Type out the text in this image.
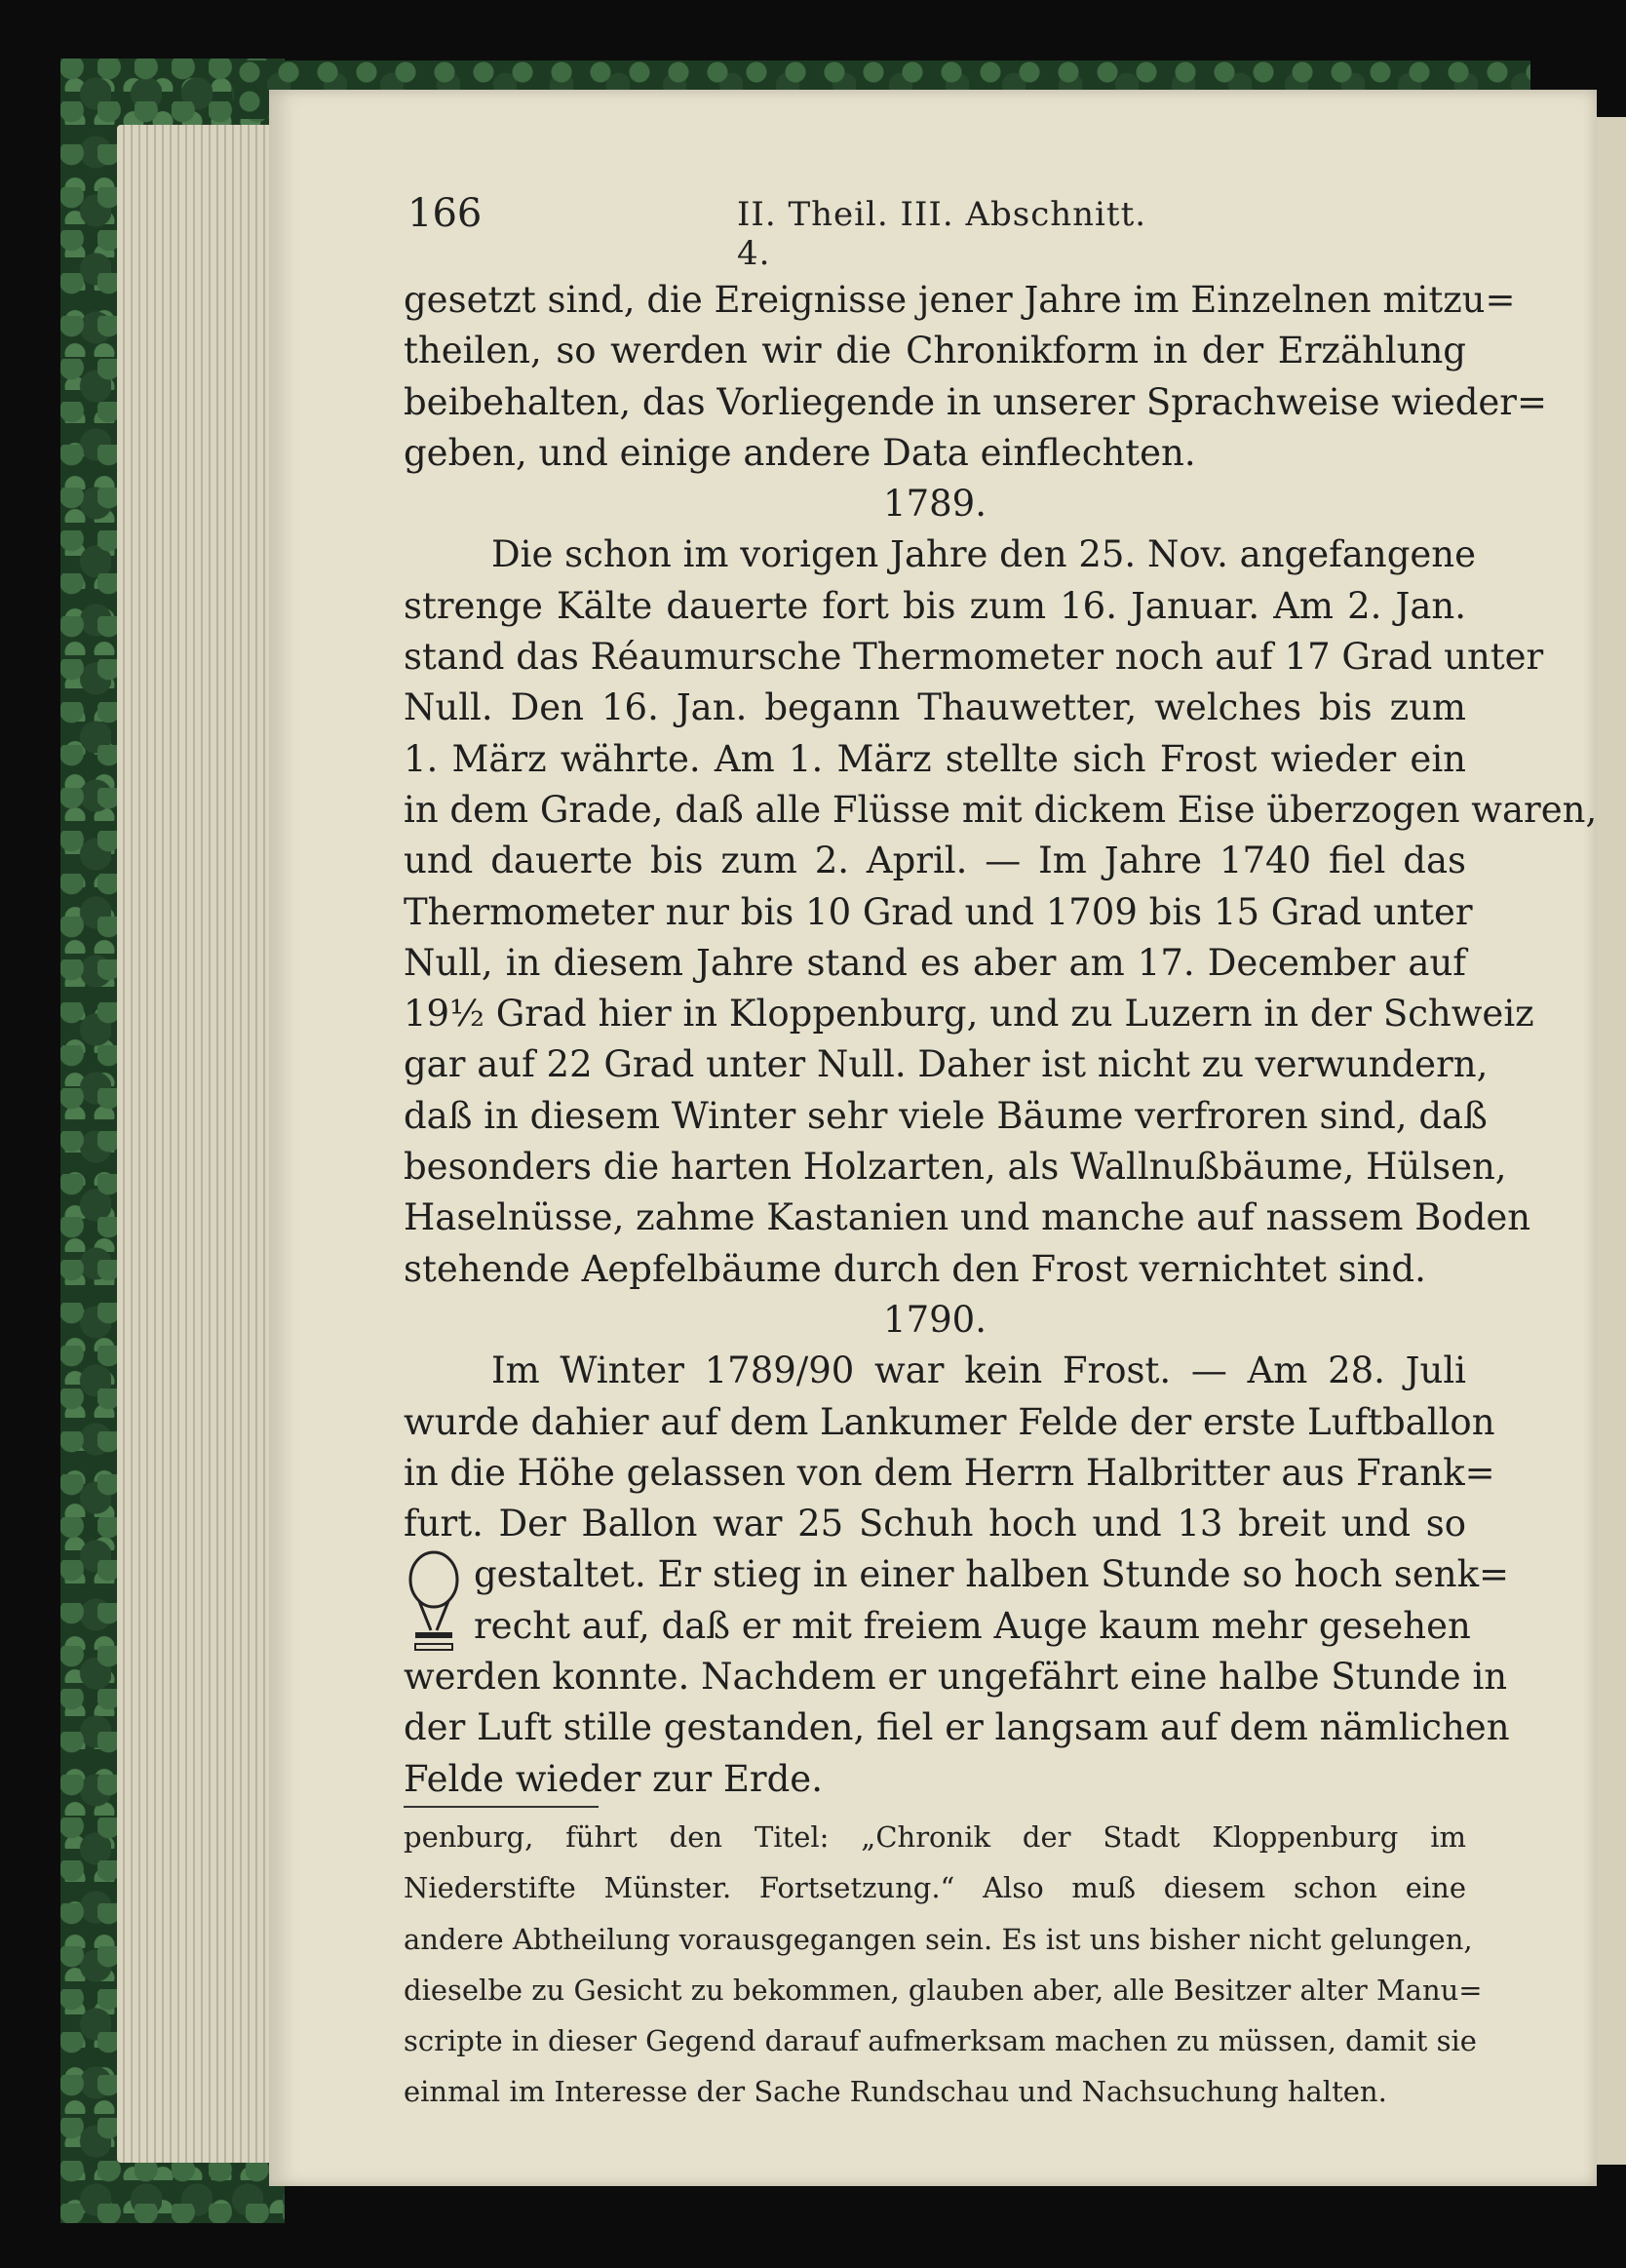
166	II. Theil. III. Abschnitt. 4.
gesetzt sind, die Ereignisse jener Jahre im Einzelnen mitzu=
theilen, so werden wir die Chronikform in der Erzählung
beibehalten, das Vorliegende in unserer Sprachweise wieder=
geben, und einige andere Data einflechten.
1789.
Die schon im vorigen Jahre den 25. Nov. angefangene
strenge Kälte dauerte fort bis zum 16. Januar. Am 2. Jan.
stand das Réaumursche Thermometer noch auf 17 Grad unter
Null. Den 16. Jan. begann Thauwetter, welches bis zum
1. März währte. Am 1. März stellte sich Frost wieder ein
in dem Grade, daß alle Flüsse mit dickem Eise überzogen waren,
und dauerte bis zum 2. April. — Im Jahre 1740 fiel das
Thermometer nur bis 10 Grad und 1709 bis 15 Grad unter
Null, in diesem Jahre stand es aber am 17. December auf
19½ Grad hier in Kloppenburg, und zu Luzern in der Schweiz
gar auf 22 Grad unter Null. Daher ist nicht zu verwundern,
daß in diesem Winter sehr viele Bäume verfroren sind, daß
besonders die harten Holzarten, als Wallnußbäume, Hülsen,
Haselnüsse, zahme Kastanien und manche auf nassem Boden
stehende Aepfelbäume durch den Frost vernichtet sind.
1790.
Im Winter 1789/90 war kein Frost. — Am 28. Juli
wurde dahier auf dem Lankumer Felde der erste Luftballon
in die Höhe gelassen von dem Herrn Halbritter aus Frank=
furt. Der Ballon war 25 Schuh hoch und 13 breit und so
gestaltet. Er stieg in einer halben Stunde so hoch senk=
recht auf, daß er mit freiem Auge kaum mehr gesehen
werden konnte. Nachdem er ungefährt eine halbe Stunde in
der Luft stille gestanden, fiel er langsam auf dem nämlichen
Felde wieder zur Erde.
penburg, führt den Titel: „Chronik der Stadt Kloppenburg im
Niederstifte Münster. Fortsetzung.“ Also muß diesem schon eine
andere Abtheilung vorausgegangen sein. Es ist uns bisher nicht gelungen,
dieselbe zu Gesicht zu bekommen, glauben aber, alle Besitzer alter Manu=
scripte in dieser Gegend darauf aufmerksam machen zu müssen, damit sie
einmal im Interesse der Sache Rundschau und Nachsuchung halten.
